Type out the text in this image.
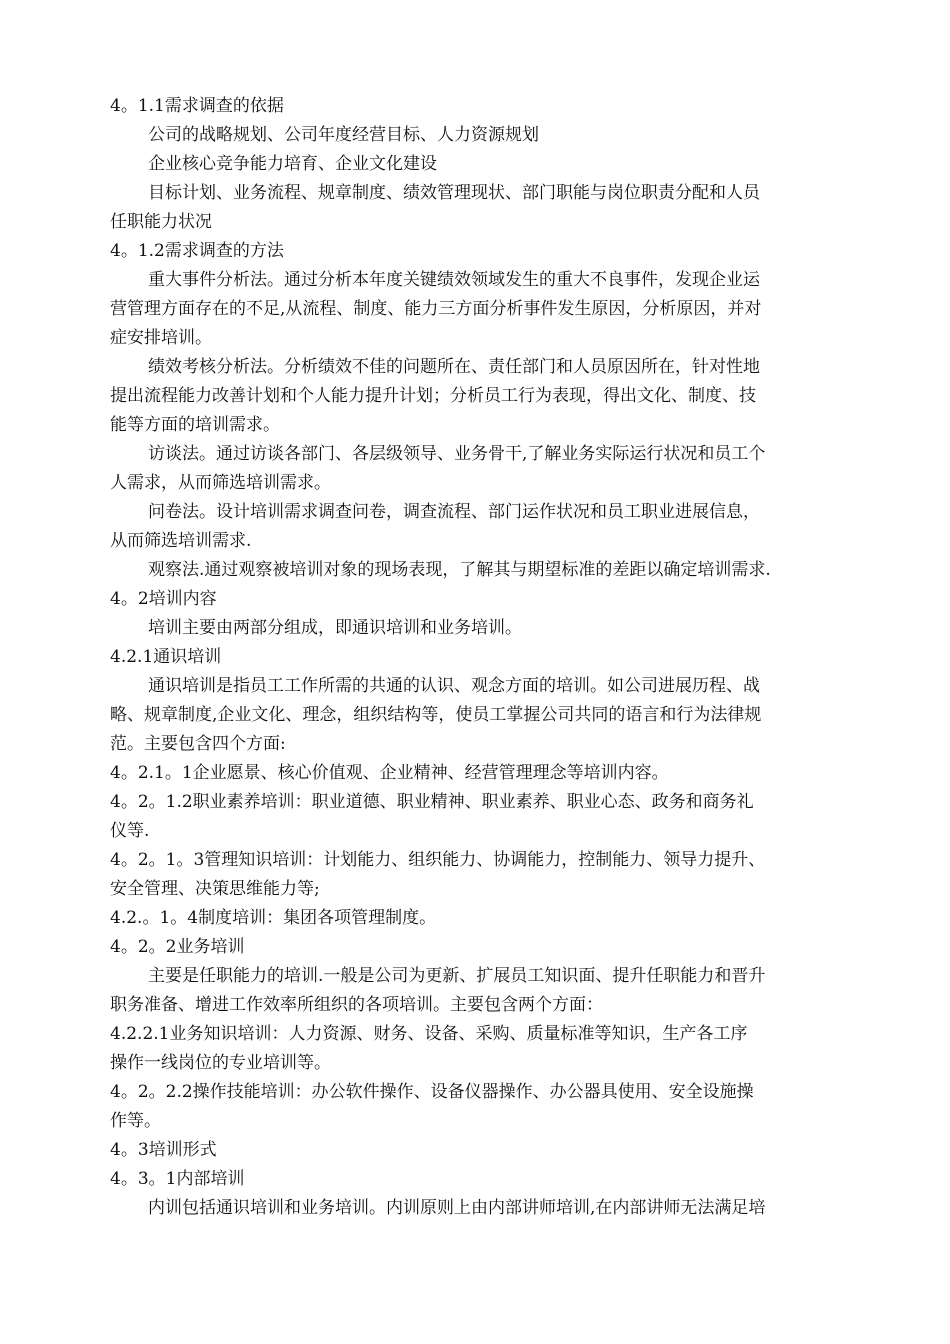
4。1.1需求调查的依据

公司的战略规划、公司年度经营目标、人力资源规划

企业核心竞争能力培育、企业文化建设

目标计划、业务流程、规章制度、绩效管理现状、部门职能与岗位职责分配和人员

任职能力状况

4。1.2需求调查的方法

重大事件分析法。通过分析本年度关键绩效领域发生的重大不良事件，发现企业运

营管理方面存在的不足,从流程、制度、能力三方面分析事件发生原因，分析原因，并对

症安排培训。

绩效考核分析法。分析绩效不佳的问题所在、责任部门和人员原因所在，针对性地

提出流程能力改善计划和个人能力提升计划；分析员工行为表现，得出文化、制度、技

能等方面的培训需求。

访谈法。通过访谈各部门、各层级领导、业务骨干,了解业务实际运行状况和员工个

人需求，从而筛选培训需求。

问卷法。设计培训需求调查问卷，调查流程、部门运作状况和员工职业进展信息，

从而筛选培训需求.

观察法.通过观察被培训对象的现场表现，了解其与期望标准的差距以确定培训需求.

4。2培训内容

培训主要由两部分组成，即通识培训和业务培训。

4.2.1通识培训

通识培训是指员工工作所需的共通的认识、观念方面的培训。如公司进展历程、战

略、规章制度,企业文化、理念，组织结构等，使员工掌握公司共同的语言和行为法律规

范。主要包含四个方面:

4。2.1。1企业愿景、核心价值观、企业精神、经营管理理念等培训内容。

4。2。1.2职业素养培训：职业道德、职业精神、职业素养、职业心态、政务和商务礼

仪等.

4。2。1。3管理知识培训：计划能力、组织能力、协调能力，控制能力、领导力提升、

安全管理、决策思维能力等;

4.2.。1。4制度培训：集团各项管理制度。

4。2。2业务培训

主要是任职能力的培训.一般是公司为更新、扩展员工知识面、提升任职能力和晋升

职务准备、增进工作效率所组织的各项培训。主要包含两个方面：

4.2.2.1业务知识培训：人力资源、财务、设备、采购、质量标准等知识，生产各工序

操作一线岗位的专业培训等。

4。2。2.2操作技能培训：办公软件操作、设备仪器操作、办公器具使用、安全设施操

作等。

4。3培训形式

4。3。1内部培训

内训包括通识培训和业务培训。内训原则上由内部讲师培训,在内部讲师无法满足培
